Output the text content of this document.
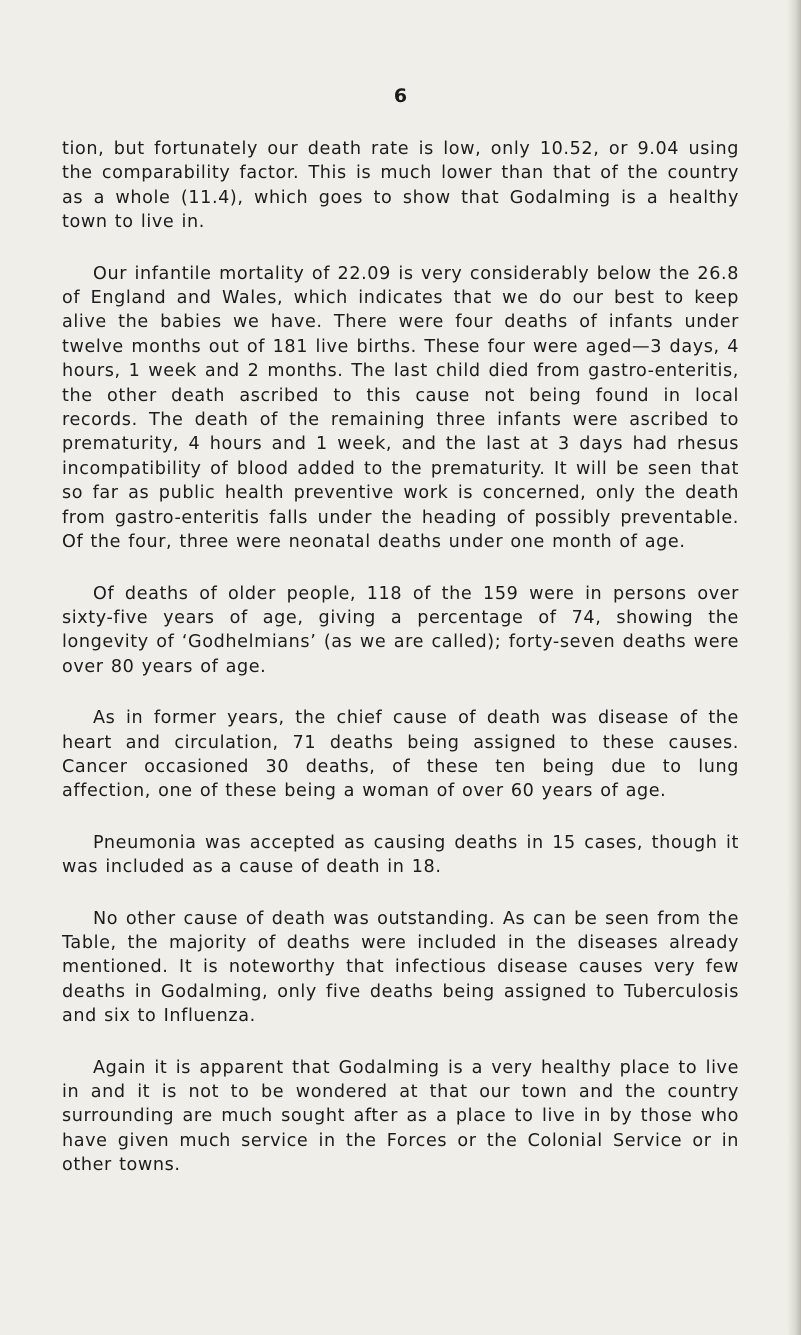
6

tion, but fortunately our death rate is low, only 10.52, or 9.04 using the comparability factor. This is much lower than that of the country as a whole (11.4), which goes to show that Godalming is a healthy town to live in.

Our infantile mortality of 22.09 is very considerably below the 26.8 of England and Wales, which indicates that we do our best to keep alive the babies we have. There were four deaths of infants under twelve months out of 181 live births. These four were aged—3 days, 4 hours, 1 week and 2 months. The last child died from gastro-enteritis, the other death ascribed to this cause not being found in local records. The death of the remaining three infants were ascribed to prematurity, 4 hours and 1 week, and the last at 3 days had rhesus incompatibility of blood added to the prematurity. It will be seen that so far as public health preventive work is concerned, only the death from gastro-enteritis falls under the heading of possibly preventable. Of the four, three were neonatal deaths under one month of age.

Of deaths of older people, 118 of the 159 were in persons over sixty-five years of age, giving a percentage of 74, showing the longevity of ‘Godhelmians’ (as we are called); forty-seven deaths were over 80 years of age.

As in former years, the chief cause of death was disease of the heart and circulation, 71 deaths being assigned to these causes. Cancer occasioned 30 deaths, of these ten being due to lung affection, one of these being a woman of over 60 years of age.

Pneumonia was accepted as causing deaths in 15 cases, though it was included as a cause of death in 18.

No other cause of death was outstanding. As can be seen from the Table, the majority of deaths were included in the diseases already mentioned. It is noteworthy that infectious disease causes very few deaths in Godalming, only five deaths being assigned to Tuberculosis and six to Influenza.

Again it is apparent that Godalming is a very healthy place to live in and it is not to be wondered at that our town and the country surrounding are much sought after as a place to live in by those who have given much service in the Forces or the Colonial Service or in other towns.
